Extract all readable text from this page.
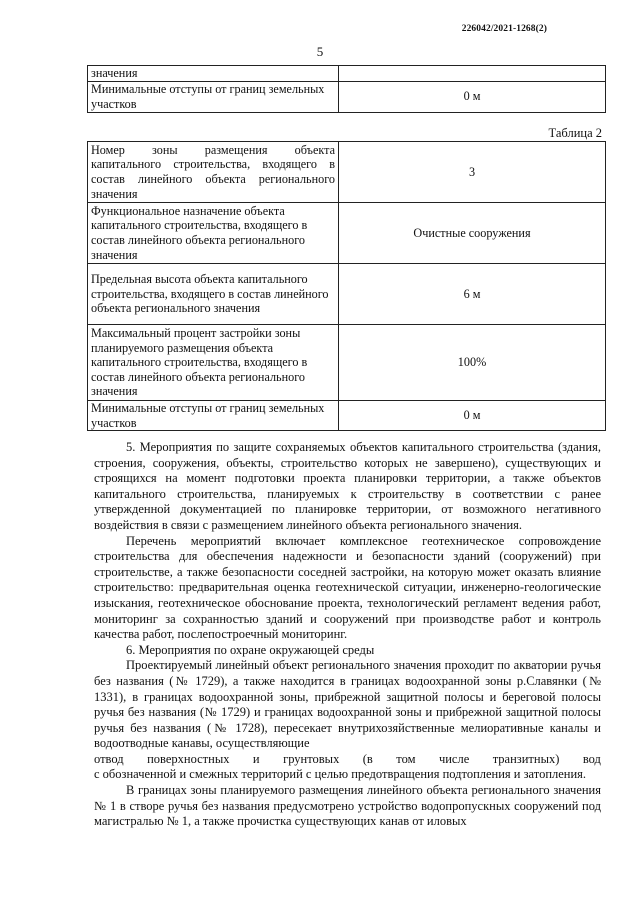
226042/2021-1268(2)
5
значения	
Минимальные отступы от границ земельных участков	0 м
Таблица 2
Номер зоны размещения объекта капитального строительства, входящего в состав линейного объекта регионального значения	3
Функциональное назначение объекта капитального строительства, входящего в состав линейного объекта регионального значения	Очистные сооружения
Предельная высота объекта капитального строительства, входящего в состав линейного объекта регионального значения	6 м
Максимальный процент застройки зоны планируемого размещения объекта капитального строительства, входящего в состав линейного объекта регионального значения	100%
Минимальные отступы от границ земельных участков	0 м

5. Мероприятия по защите сохраняемых объектов капитального строительства (здания, строения, сооружения, объекты, строительство которых не завершено), существующих и строящихся на момент подготовки проекта планировки территории, а также объектов капитального строительства, планируемых к строительству в соответствии с ранее утвержденной документацией по планировке территории, от возможного негативного воздействия в связи с размещением линейного объекта регионального значения.

Перечень мероприятий включает комплексное геотехническое сопровождение строительства для обеспечения надежности и безопасности зданий (сооружений) при строительстве, а также безопасности соседней застройки, на которую может оказать влияние строительство: предварительная оценка геотехнической ситуации, инженерно-геологические изыскания, геотехническое обоснование проекта, технологический регламент ведения работ, мониторинг за сохранностью зданий и сооружений при производстве работ и контроль качества работ, послепостроечный мониторинг.

6. Мероприятия по охране окружающей среды

Проектируемый линейный объект регионального значения проходит по акватории ручья без названия (№ 1729), а также находится в границах водоохранной зоны р.Славянки (№ 1331), в границах водоохранной зоны, прибрежной защитной полосы и береговой полосы ручья без названия (№ 1729) и границах водоохранной зоны и прибрежной защитной полосы ручья без названия (№ 1728), пересекает внутрихозяйственные мелиоративные каналы и водоотводные канавы, осуществляющие

отвод поверхностных и грунтовых (в том числе транзитных) вод

с обозначенной и смежных территорий с целью предотвращения подтопления и затопления.

В границах зоны планируемого размещения линейного объекта регионального значения № 1 в створе ручья без названия предусмотрено устройство водопропускных сооружений под магистралью № 1, а также прочистка существующих канав от иловых
